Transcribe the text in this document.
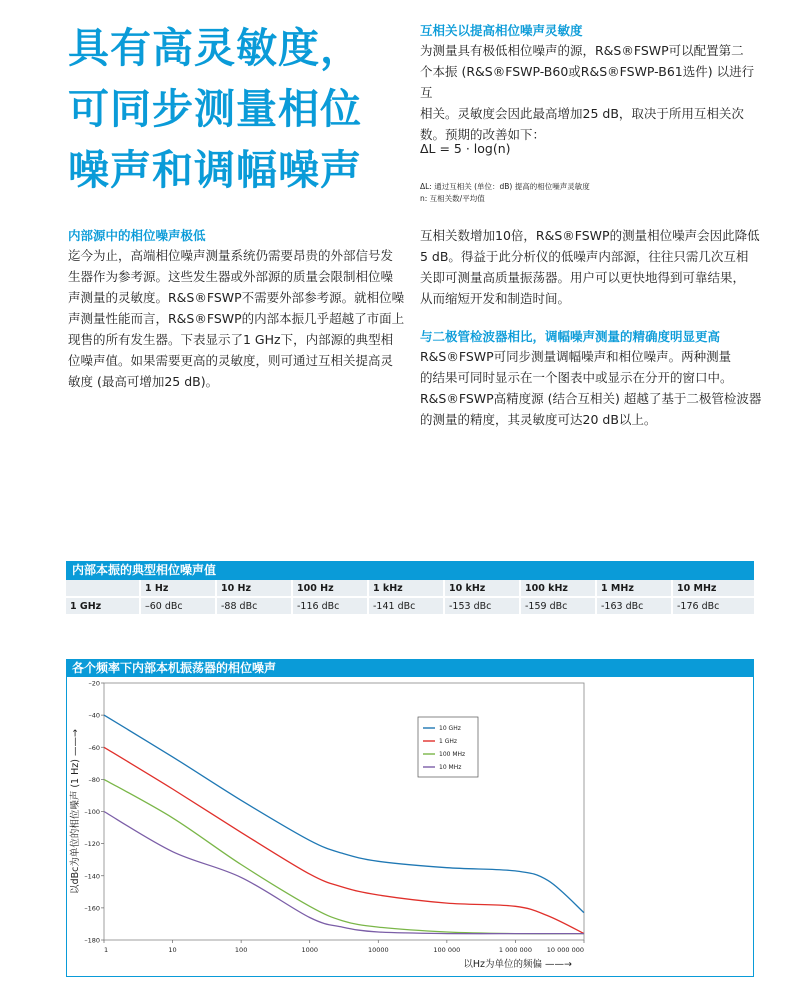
具有高灵敏度，
可同步测量相位
噪声和调幅噪声
内部源中的相位噪声极低
迄今为止，高端相位噪声测量系统仍需要昂贵的外部信号发
生器作为参考源。这些发生器或外部源的质量会限制相位噪
声测量的灵敏度。R&S®FSWP不需要外部参考源。就相位噪
声测量性能而言，R&S®FSWP的内部本振几乎超越了市面上
现售的所有发生器。下表显示了1 GHz下，内部源的典型相
位噪声值。如果需要更高的灵敏度，则可通过互相关提高灵
敏度 (最高可增加25 dB)。
互相关以提高相位噪声灵敏度
为测量具有极低相位噪声的源，R&S®FSWP可以配置第二
个本振 (R&S®FSWP-B60或R&S®FSWP-B61选件) 以进行互
相关。灵敏度会因此最高增加25 dB，取决于所用互相关次
数。预期的改善如下：
ΔL = 5 · log(n)
ΔL: 通过互相关 (单位：dB) 提高的相位噪声灵敏度
n: 互相关数/平均值
互相关数增加10倍，R&S®FSWP的测量相位噪声会因此降低
5 dB。得益于此分析仪的低噪声内部源，往往只需几次互相
关即可测量高质量振荡器。用户可以更快地得到可靠结果，
从而缩短开发和制造时间。
与二极管检波器相比，调幅噪声测量的精确度明显更高
R&S®FSWP可同步测量调幅噪声和相位噪声。两种测量
的结果可同时显示在一个图表中或显示在分开的窗口中。
R&S®FSWP高精度源 (结合互相关) 超越了基于二极管检波器
的测量的精度，其灵敏度可达20 dB以上。
内部本振的典型相位噪声值
	1 Hz	10 Hz	100 Hz	1 kHz	10 kHz	100 kHz	1 MHz	10 MHz
1 GHz	–60 dBc	-88 dBc	-116 dBc	-141 dBc	-153 dBc	-159 dBc	-163 dBc	-176 dBc
各个频率下内部本机振荡器的相位噪声
–20
–40
–60
–80
–100
–120
–140
–160
–180
1	10	100	1000	10000	100 000	1 000 000 10 000 000
10 GHz
1 GHz
100 MHz
10 MHz
以dBc为单位的相位噪声 (1 Hz) ——→
以Hz为单位的频偏 ——→
